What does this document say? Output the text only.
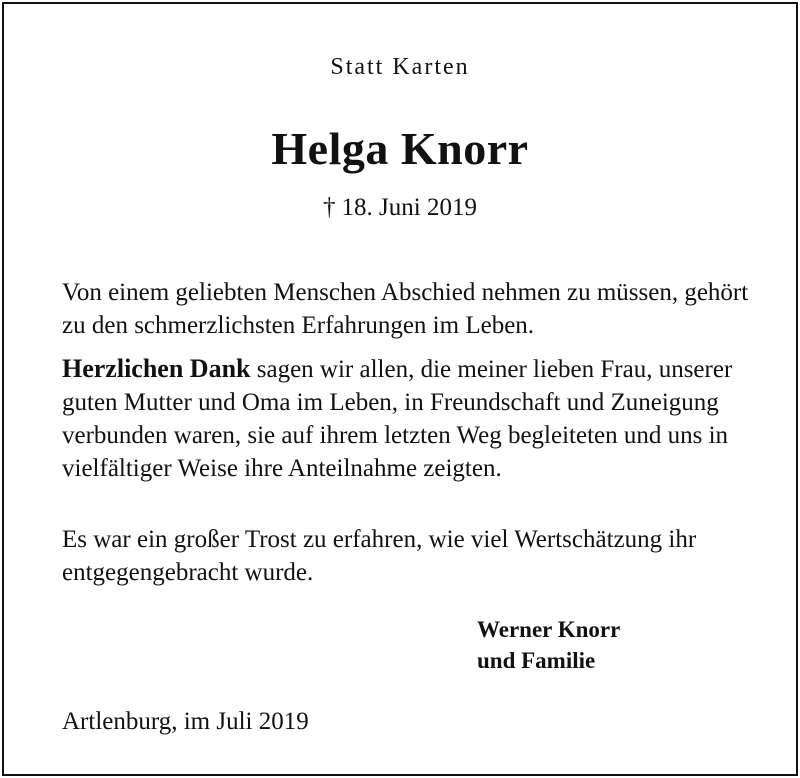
Statt Karten
Helga Knorr
† 18. Juni 2019
Von einem geliebten Menschen Abschied nehmen zu müssen, gehört zu den schmerzlichsten Erfahrungen im Leben.
Herzlichen Dank sagen wir allen, die meiner lieben Frau, unserer guten Mutter und Oma im Leben, in Freundschaft und Zuneigung verbunden waren, sie auf ihrem letzten Weg begleiteten und uns in vielfältiger Weise ihre Anteilnahme zeigten.
Es war ein großer Trost zu erfahren, wie viel Wertschätzung ihr entgegengebracht wurde.
Werner Knorr
und Familie
Artlenburg, im Juli 2019
